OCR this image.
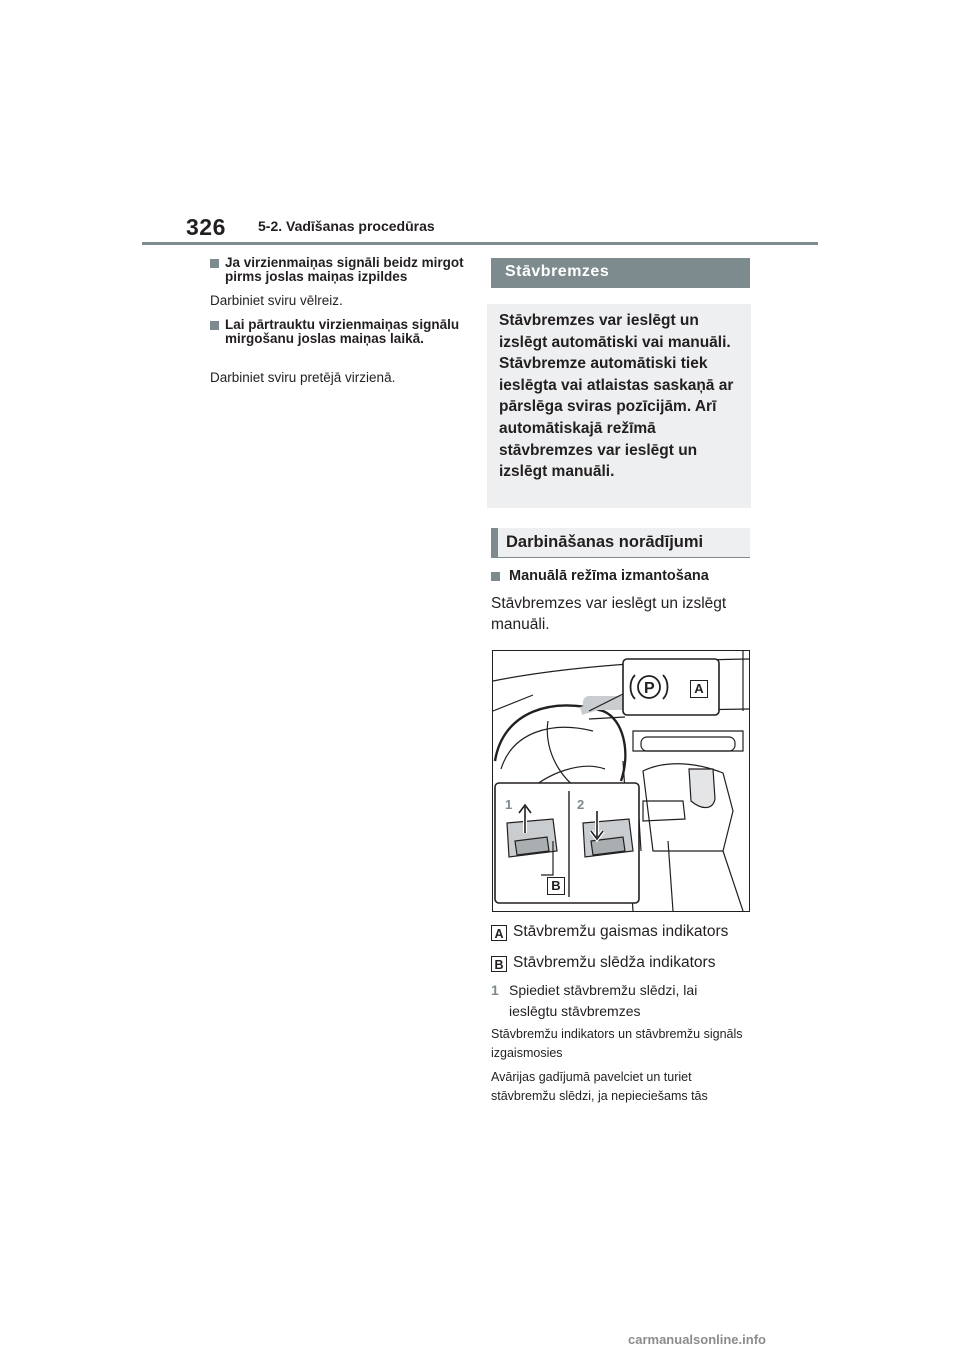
326 5-2. Vadīšanas procedūras
Ja virzienmaiņas signāli beidz mirgot pirms joslas maiņas izpildes
Darbiniet sviru vēlreiz.
Lai pārtrauktu virzienmaiņas signālu mirgošanu joslas maiņas laikā.
Darbiniet sviru pretējā virzienā.
Stāvbremzes
Stāvbremzes var ieslēgt un izslēgt automātiski vai manuāli. Stāvbremze automātiski tiek ieslēgta vai atlaistas saskaņā ar pārslēga sviras pozīcijām. Arī automātiskajā režīmā stāvbremzes var ieslēgt un izslēgt manuāli.
Darbināšanas norādījumi
Manuālā režīma izmantošana
Stāvbremzes var ieslēgt un izslēgt manuāli.
P	A
B
1	2
A Stāvbremžu gaismas indikators
B Stāvbremžu slēdža indikators
1 Spiediet stāvbremžu slēdzi, lai ieslēgtu stāvbremzes
Stāvbremžu indikators un stāvbremžu signāls izgaismosies
Avārijas gadījumā pavelciet un turiet stāvbremžu slēdzi, ja nepieciešams tās
carmanualsonline.info
